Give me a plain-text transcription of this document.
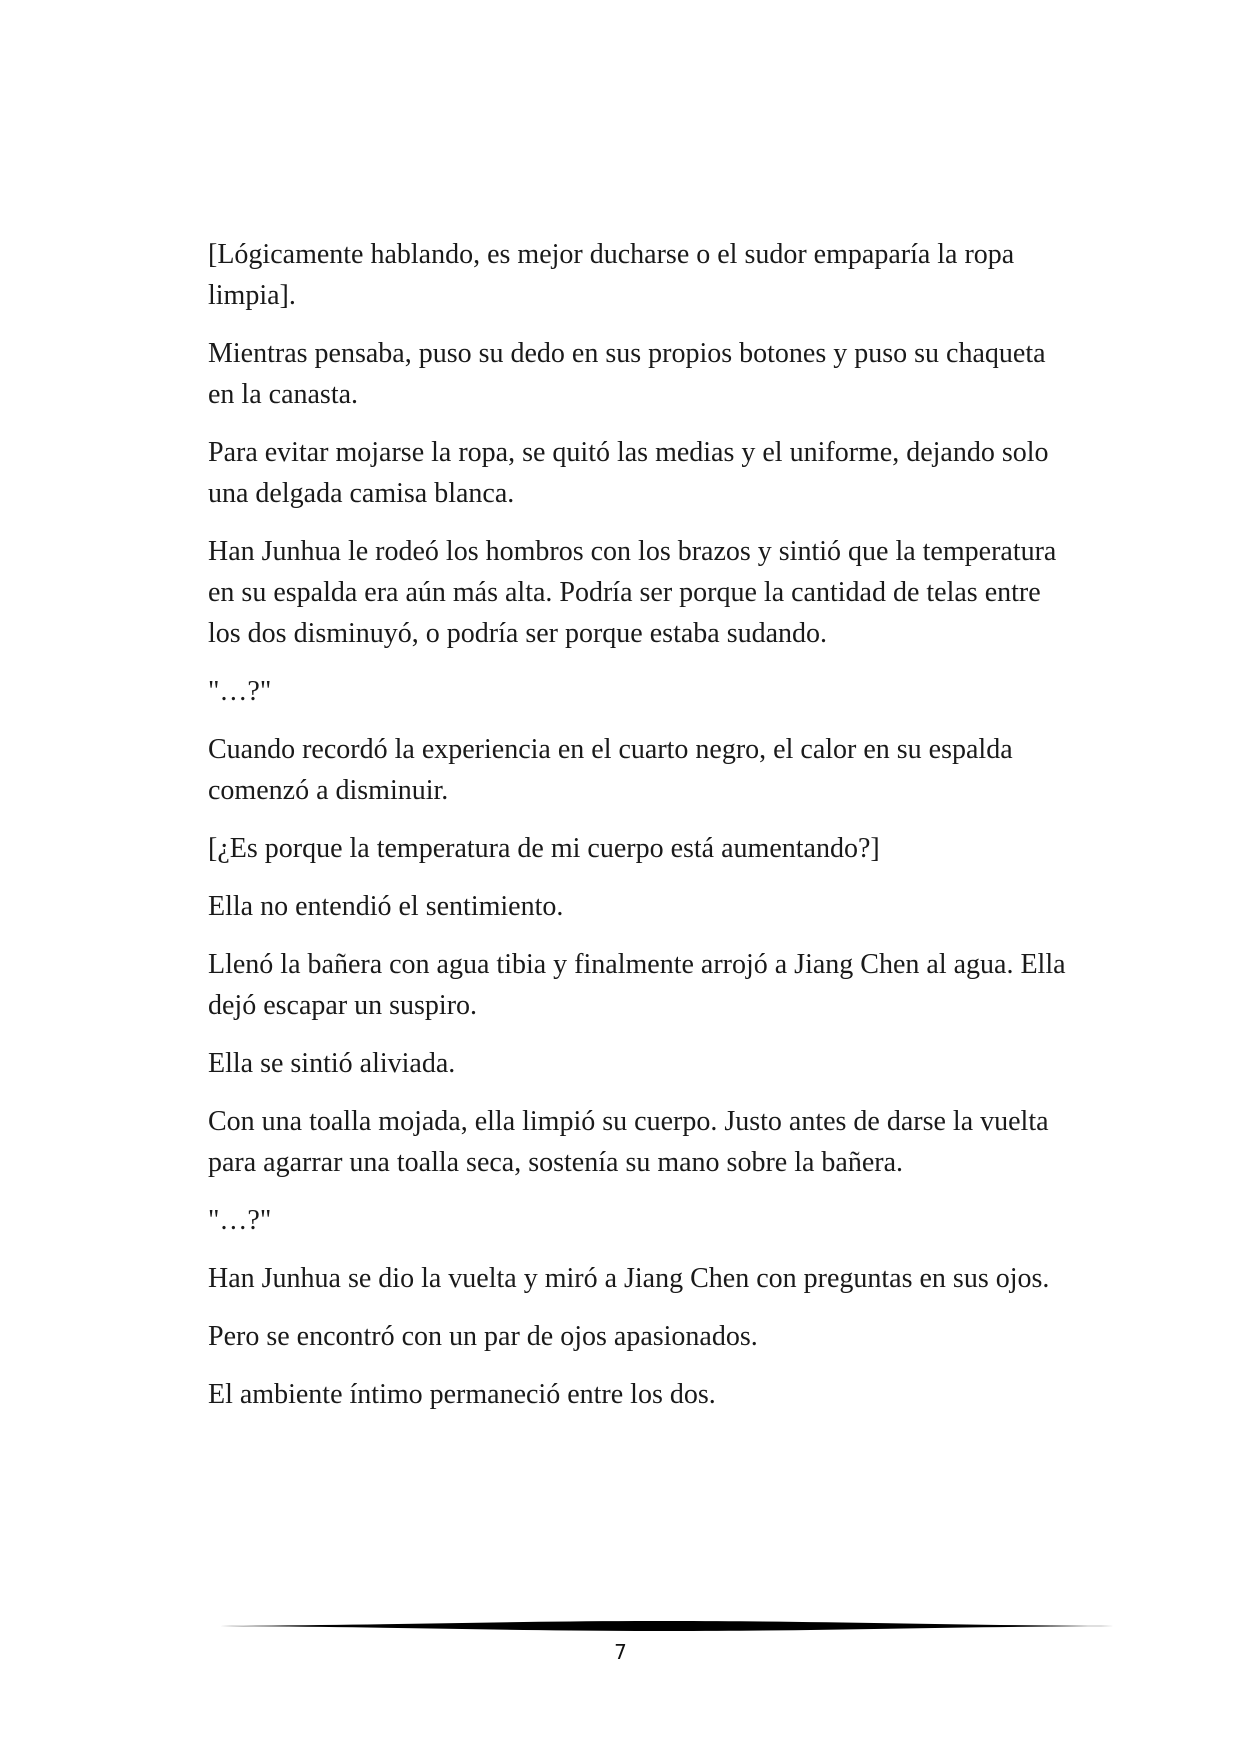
[Lógicamente hablando, es mejor ducharse o el sudor empaparía la ropa limpia].

Mientras pensaba, puso su dedo en sus propios botones y puso su chaqueta en la canasta.

Para evitar mojarse la ropa, se quitó las medias y el uniforme, dejando solo una delgada camisa blanca.

Han Junhua le rodeó los hombros con los brazos y sintió que la temperatura en su espalda era aún más alta. Podría ser porque la cantidad de telas entre los dos disminuyó, o podría ser porque estaba sudando.

"…?"

Cuando recordó la experiencia en el cuarto negro, el calor en su espalda comenzó a disminuir.

[¿Es porque la temperatura de mi cuerpo está aumentando?]

Ella no entendió el sentimiento.

Llenó la bañera con agua tibia y finalmente arrojó a Jiang Chen al agua. Ella dejó escapar un suspiro.

Ella se sintió aliviada.

Con una toalla mojada, ella limpió su cuerpo. Justo antes de darse la vuelta para agarrar una toalla seca, sostenía su mano sobre la bañera.

"…?"

Han Junhua se dio la vuelta y miró a Jiang Chen con preguntas en sus ojos.

Pero se encontró con un par de ojos apasionados.

El ambiente íntimo permaneció entre los dos.

7
